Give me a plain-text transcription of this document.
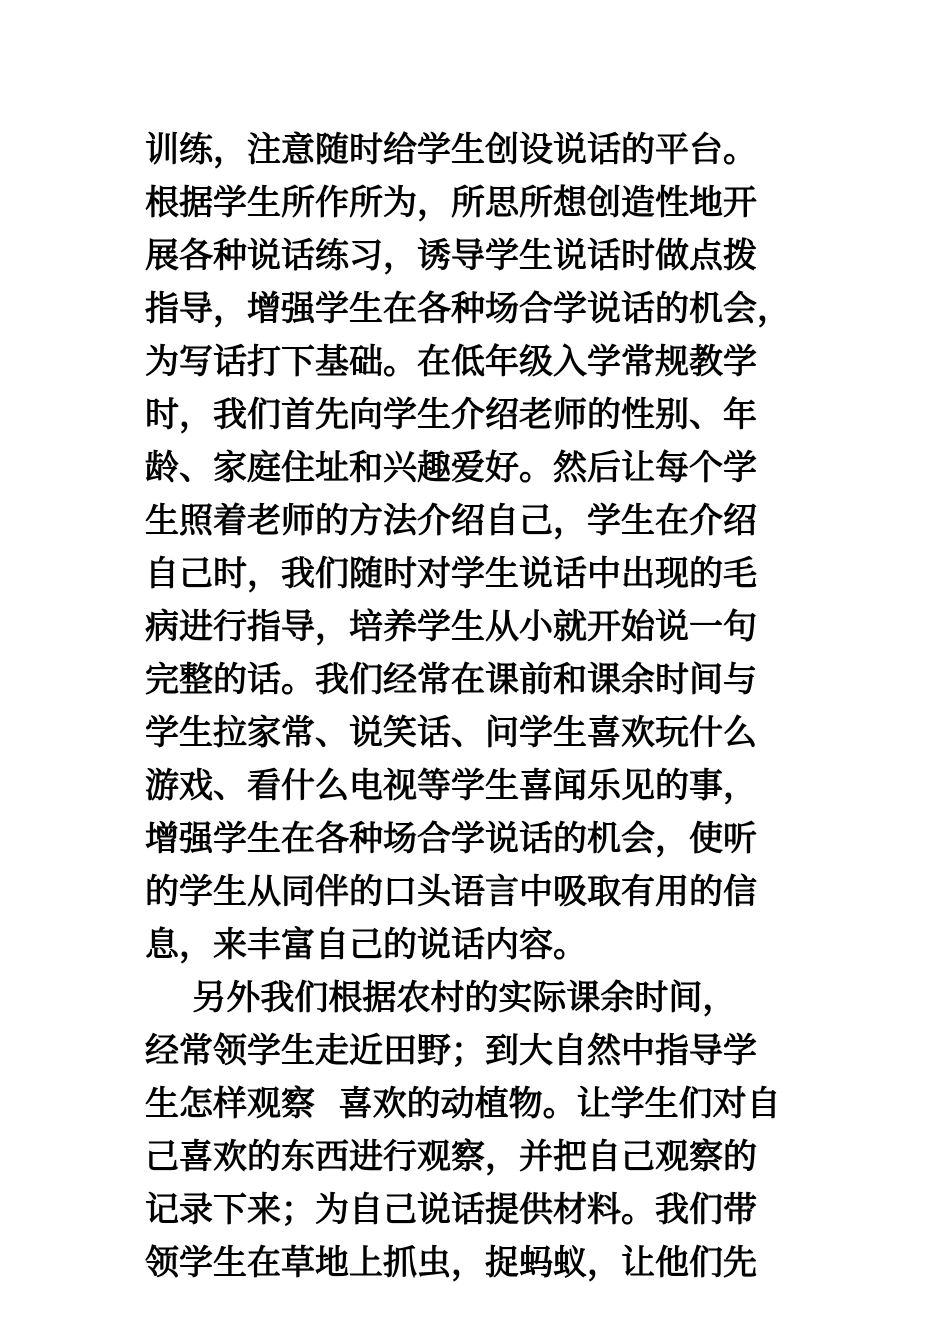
训练，注意随时给学生创设说话的平台。
根据学生所作所为，所思所想创造性地开
展各种说话练习，诱导学生说话时做点拨
指导，增强学生在各种场合学说话的机会，
为写话打下基础。在低年级入学常规教学
时，我们首先向学生介绍老师的性别、年
龄、家庭住址和兴趣爱好。然后让每个学
生照着老师的方法介绍自己，学生在介绍
自己时，我们随时对学生说话中出现的毛
病进行指导，培养学生从小就开始说一句
完整的话。我们经常在课前和课余时间与
学生拉家常、说笑话、问学生喜欢玩什么
游戏、看什么电视等学生喜闻乐见的事，
增强学生在各种场合学说话的机会，使听
的学生从同伴的口头语言中吸取有用的信
息，来丰富自己的说话内容。
另外我们根据农村的实际课余时间，
经常领学生走近田野；到大自然中指导学
生怎样观察  喜欢的动植物。让学生们对自
己喜欢的东西进行观察，并把自己观察的
记录下来；为自己说话提供材料。我们带
领学生在草地上抓虫，捉蚂蚁，让他们先
